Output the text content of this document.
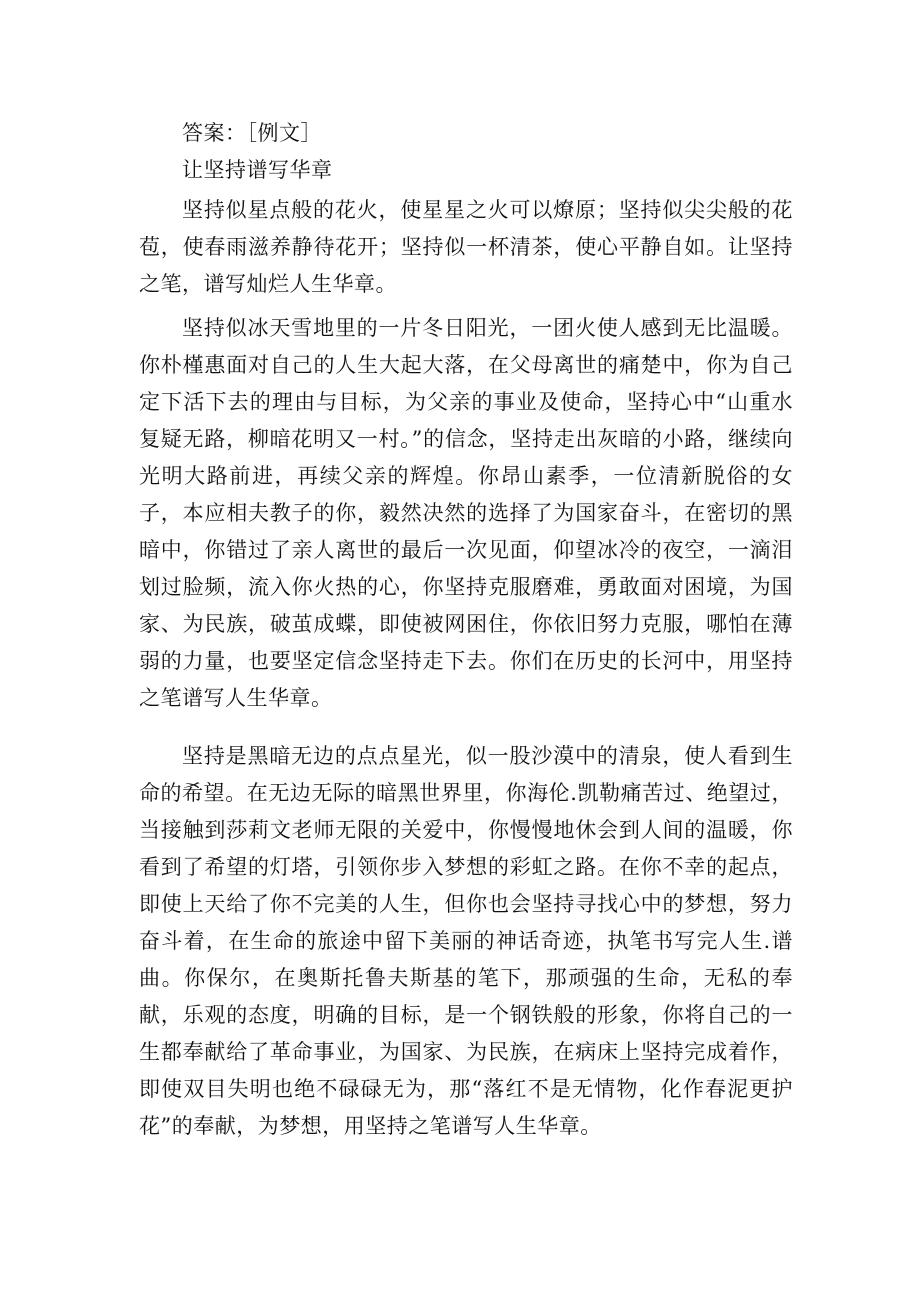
答案：［例文］
让坚持谱写华章

坚持似星点般的花火，使星星之火可以燎原；坚持似尖尖般的花苞，使春雨滋养静待花开；坚持似一杯清茶，使心平静自如。让坚持之笔，谱写灿烂人生华章。

坚持似冰天雪地里的一片冬日阳光，一团火使人感到无比温暖。你朴槿惠面对自己的人生大起大落，在父母离世的痛楚中，你为自己定下活下去的理由与目标，为父亲的事业及使命，坚持心中“山重水复疑无路，柳暗花明又一村。”的信念，坚持走出灰暗的小路，继续向光明大路前进，再续父亲的辉煌。你昂山素季，一位清新脱俗的女子，本应相夫教子的你，毅然决然的选择了为国家奋斗，在密切的黑暗中，你错过了亲人离世的最后一次见面，仰望冰冷的夜空，一滴泪划过脸频，流入你火热的心，你坚持克服磨难，勇敢面对困境，为国家、为民族，破茧成蝶，即使被网困住，你依旧努力克服，哪怕在薄弱的力量，也要坚定信念坚持走下去。你们在历史的长河中，用坚持之笔谱写人生华章。

坚持是黑暗无边的点点星光，似一股沙漠中的清泉，使人看到生命的希望。在无边无际的暗黑世界里，你海伦.凯勒痛苦过、绝望过，当接触到莎莉文老师无限的关爱中，你慢慢地休会到人间的温暖，你看到了希望的灯塔，引领你步入梦想的彩虹之路。在你不幸的起点，即使上天给了你不完美的人生，但你也会坚持寻找心中的梦想，努力奋斗着，在生命的旅途中留下美丽的神话奇迹，执笔书写完人生.谱曲。你保尔，在奥斯托鲁夫斯基的笔下，那顽强的生命，无私的奉献，乐观的态度，明确的目标，是一个钢铁般的形象，你将自己的一生都奉献给了革命事业，为国家、为民族，在病床上坚持完成着作，即使双目失明也绝不碌碌无为，那“落红不是无情物，化作春泥更护花”的奉献，为梦想，用坚持之笔谱写人生华章。
